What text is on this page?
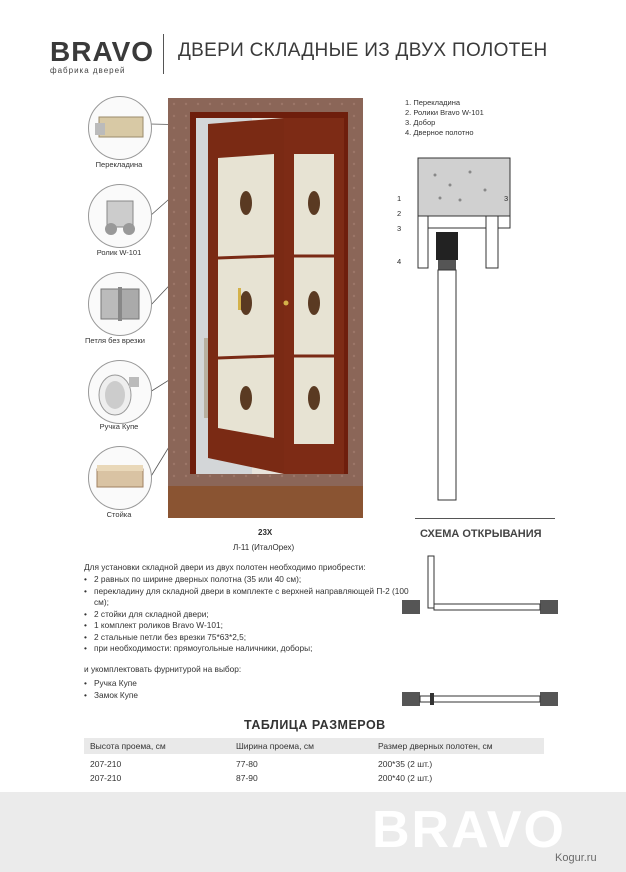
BRAVO
фабрика дверей
ДВЕРИ СКЛАДНЫЕ ИЗ ДВУХ ПОЛОТЕН
Перекладина
Ролик W-101
Петля без врезки
Ручка Купе
Стойка
1. Перекладина
2. Ролики Bravo W-101
3. Добор
4. Дверное полотно
1
2
3
3
4
СХЕМА ОТКРЫВАНИЯ
23Х
Л-11 (ИталОрех)
Для установки складной двери из двух полотен необходимо приобрести:
• 2 равных по ширине дверных полотна (35 или 40 см);
• перекладину для складной двери в комплекте с верхней направляющей П-2 (100 см);
• 2 стойки для складной двери;
• 1 комплект роликов Bravo W-101;
• 2 стальные петли без врезки 75*63*2,5;
• при необходимости: прямоугольные наличники, доборы;
и укомплектовать фурнитурой на выбор:
• Ручка Купе
• Замок Купе
ТАБЛИЦА РАЗМЕРОВ
Высота проема, см	Ширина проема, см	Размер дверных полотен, см
207-210	77-80	200*35 (2 шт.)
207-210	87-90	200*40 (2 шт.)
BRAVO
Kogur.ru
